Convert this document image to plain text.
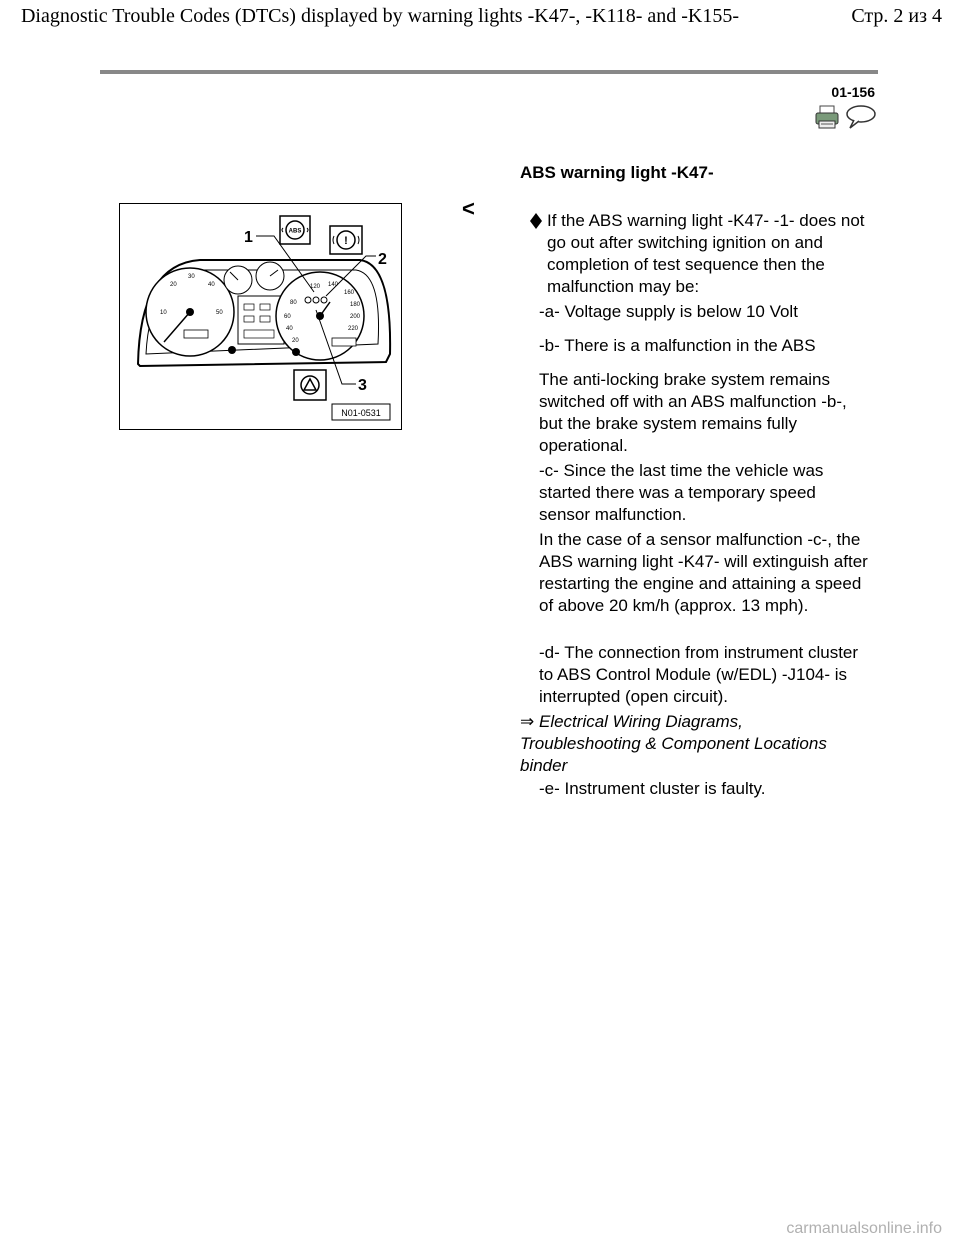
Diagnostic Trouble Codes (DTCs) displayed by warning lights -K47-, -K118- and -K155-	Стр. 2 из 4
01-156
ABS warning light -K47-
<
10
20
30
40
50
80
120 140
160
180
200
220
60
40
20
ABS
1	!
2
3
N01-0531
If the ABS warning light -K47- -1- does not go out after switching ignition on and completion of test sequence then the malfunction may be:
-a- Voltage supply is below 10 Volt
-b- There is a malfunction in the ABS
The anti-locking brake system remains switched off with an ABS malfunction -b-, but the brake system remains fully operational.
-c- Since the last time the vehicle was started there was a temporary speed sensor malfunction.
In the case of a sensor malfunction -c-, the ABS warning light -K47- will extinguish after restarting the engine and attaining a speed of above 20 km/h (approx. 13 mph).
-d- The connection from instrument cluster to ABS Control Module (w/EDL) -J104- is interrupted (open circuit).
⇒ Electrical Wiring Diagrams, Troubleshooting & Component Locations binder
-e- Instrument cluster is faulty.
carmanualsonline.info
